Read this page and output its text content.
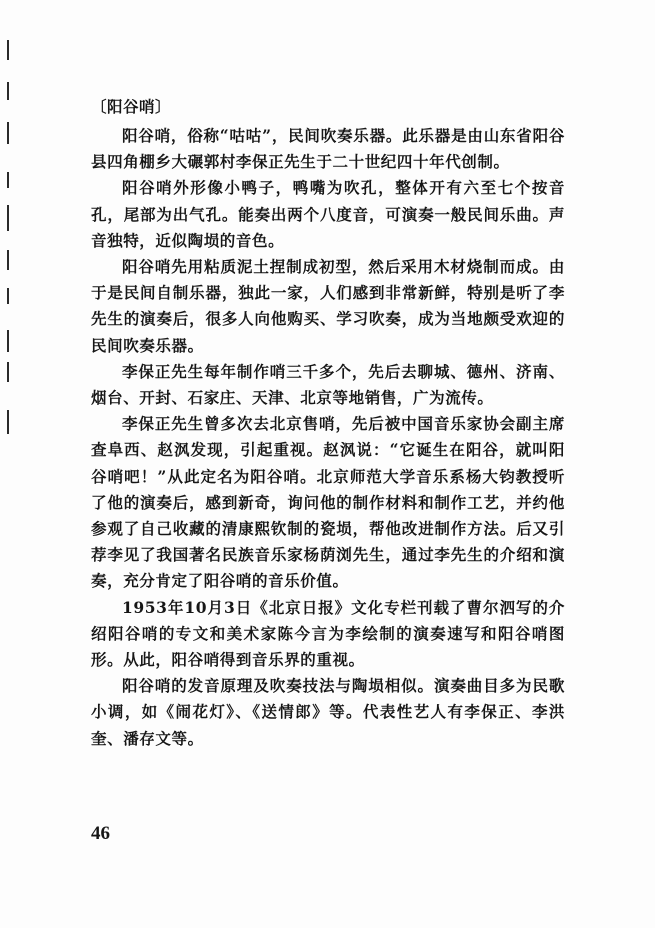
〔阳谷哨〕

阳谷哨，俗称“咕咕”，民间吹奏乐器。此乐器是由山东省阳谷县四角棚乡大碾郭村李保正先生于二十世纪四十年代创制。

阳谷哨外形像小鸭子，鸭嘴为吹孔，整体开有六至七个按音孔，尾部为出气孔。能奏出两个八度音，可演奏一般民间乐曲。声音独特，近似陶埙的音色。

阳谷哨先用粘质泥土捏制成初型，然后采用木材烧制而成。由于是民间自制乐器，独此一家，人们感到非常新鲜，特别是听了李先生的演奏后，很多人向他购买、学习吹奏，成为当地颇受欢迎的民间吹奏乐器。

李保正先生每年制作哨三千多个，先后去聊城、德州、济南、烟台、开封、石家庄、天津、北京等地销售，广为流传。

李保正先生曾多次去北京售哨，先后被中国音乐家协会副主席查阜西、赵沨发现，引起重视。赵沨说：“它诞生在阳谷，就叫阳谷哨吧！”从此定名为阳谷哨。北京师范大学音乐系杨大钧教授听了他的演奏后，感到新奇，询问他的制作材料和制作工艺，并约他参观了自己收藏的清康熙钦制的瓷埙，帮他改进制作方法。后又引荐李见了我国著名民族音乐家杨荫浏先生，通过李先生的介绍和演奏，充分肯定了阳谷哨的音乐价值。

1953年10月3日《北京日报》文化专栏刊载了曹尔泗写的介绍阳谷哨的专文和美术家陈今言为李绘制的演奏速写和阳谷哨图形。从此，阳谷哨得到音乐界的重视。

阳谷哨的发音原理及吹奏技法与陶埙相似。演奏曲目多为民歌小调，如《闹花灯》、《送情郎》等。代表性艺人有李保正、李洪奎、潘存文等。

46
